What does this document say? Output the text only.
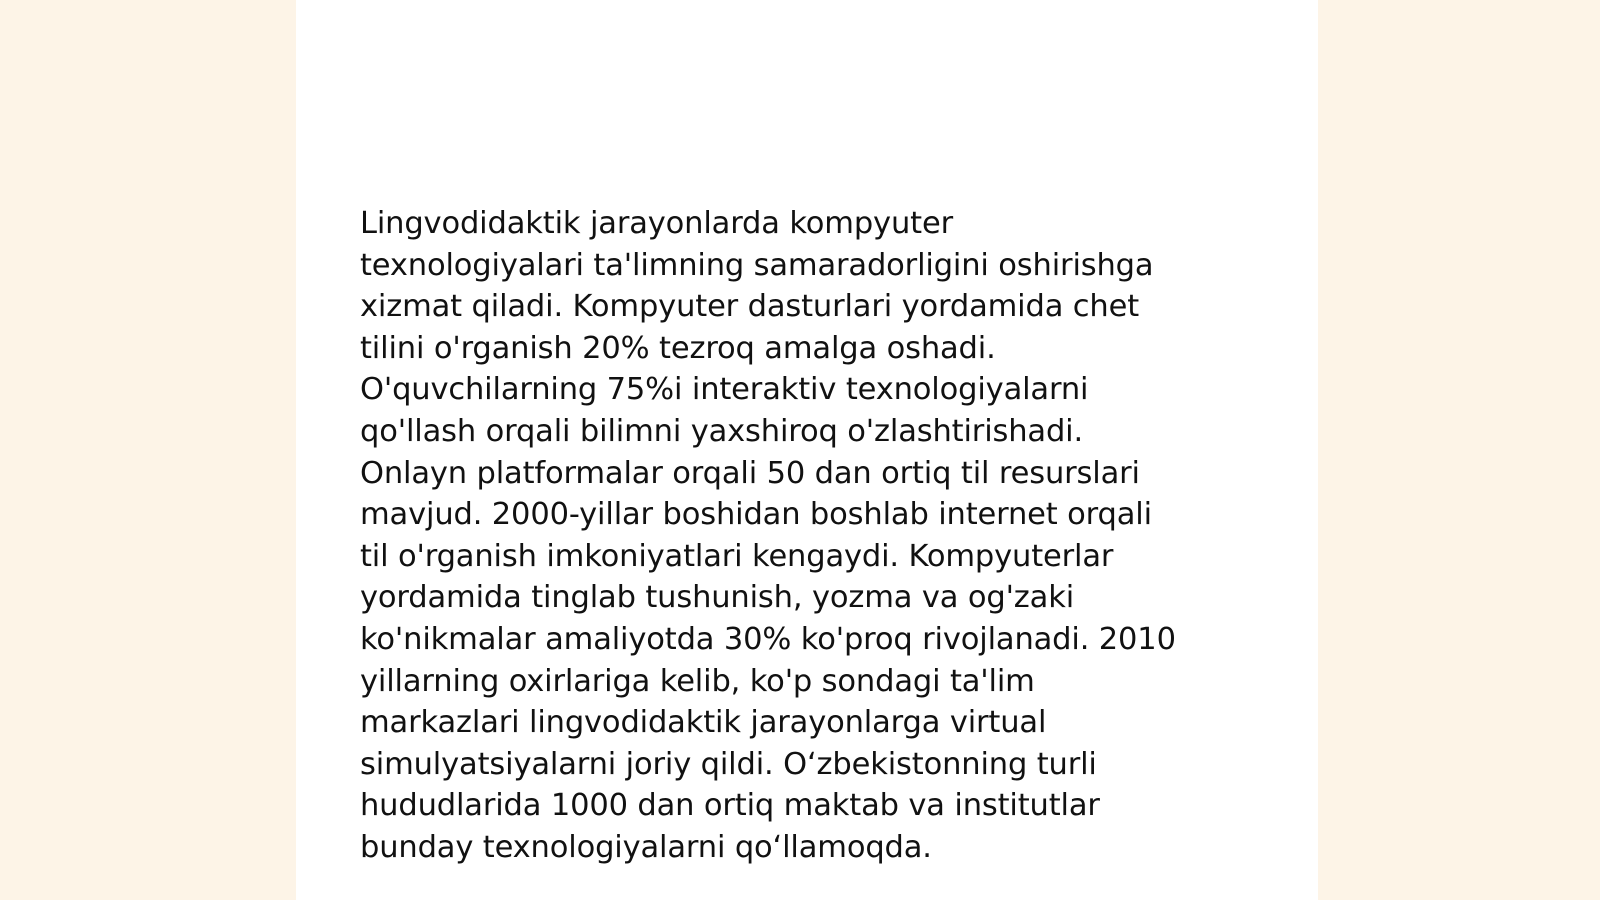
Lingvodidaktik jarayonlarda kompyuter
texnologiyalari ta'limning samaradorligini oshirishga
xizmat qiladi. Kompyuter dasturlari yordamida chet
tilini o'rganish 20% tezroq amalga oshadi.
O'quvchilarning 75%i interaktiv texnologiyalarni
qo'llash orqali bilimni yaxshiroq o'zlashtirishadi.
Onlayn platformalar orqali 50 dan ortiq til resurslari
mavjud. 2000-yillar boshidan boshlab internet orqali
til o'rganish imkoniyatlari kengaydi. Kompyuterlar
yordamida tinglab tushunish, yozma va og'zaki
ko'nikmalar amaliyotda 30% ko'proq rivojlanadi. 2010
yillarning oxirlariga kelib, ko'p sondagi ta'lim
markazlari lingvodidaktik jarayonlarga virtual
simulyatsiyalarni joriy qildi. O‘zbekistonning turli
hududlarida 1000 dan ortiq maktab va institutlar
bunday texnologiyalarni qo‘llamoqda.
